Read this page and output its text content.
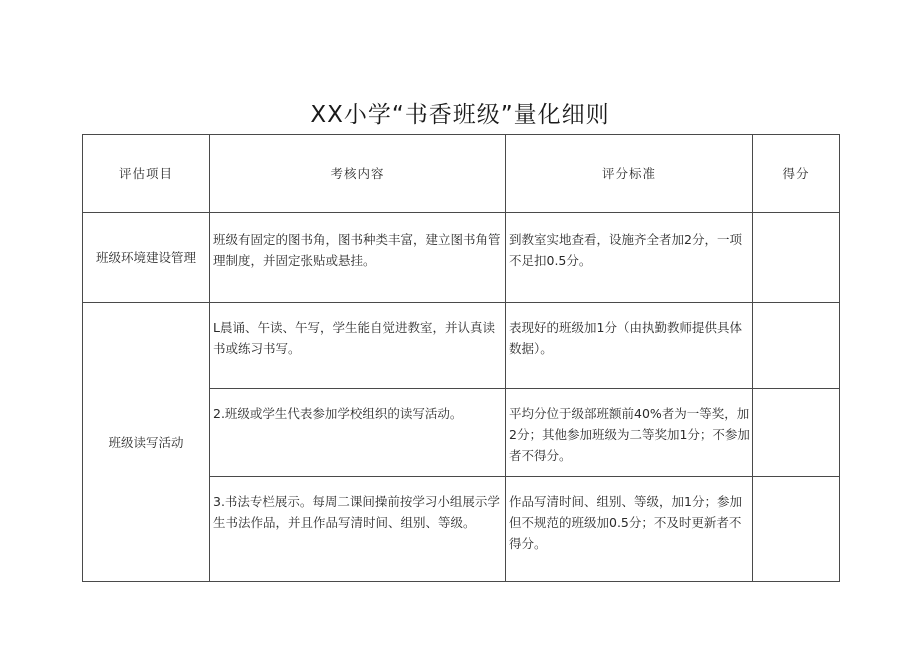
XX小学“书香班级”量化细则
评估项目	考核内容	评分标准	得分
班级环境建设管理	班级有固定的图书角，图书种类丰富，建立图书角管理制度，并固定张贴或悬挂。	到教室实地查看，设施齐全者加2分，一项不足扣0.5分。	
班级读写活动	L晨诵、午读、午写，学生能自觉进教室，并认真读书或练习书写。	表现好的班级加1分（由执勤教师提供具体数据）。	
	2.班级或学生代表参加学校组织的读写活动。	平均分位于级部班额前40%者为一等奖，加2分；其他参加班级为二等奖加1分；不参加者不得分。	
	3.书法专栏展示。每周二课间操前按学习小组展示学生书法作品，并且作品写清时间、组别、等级。	作品写清时间、组别、等级，加1分；参加但不规范的班级加0.5分；不及时更新者不得分。	
